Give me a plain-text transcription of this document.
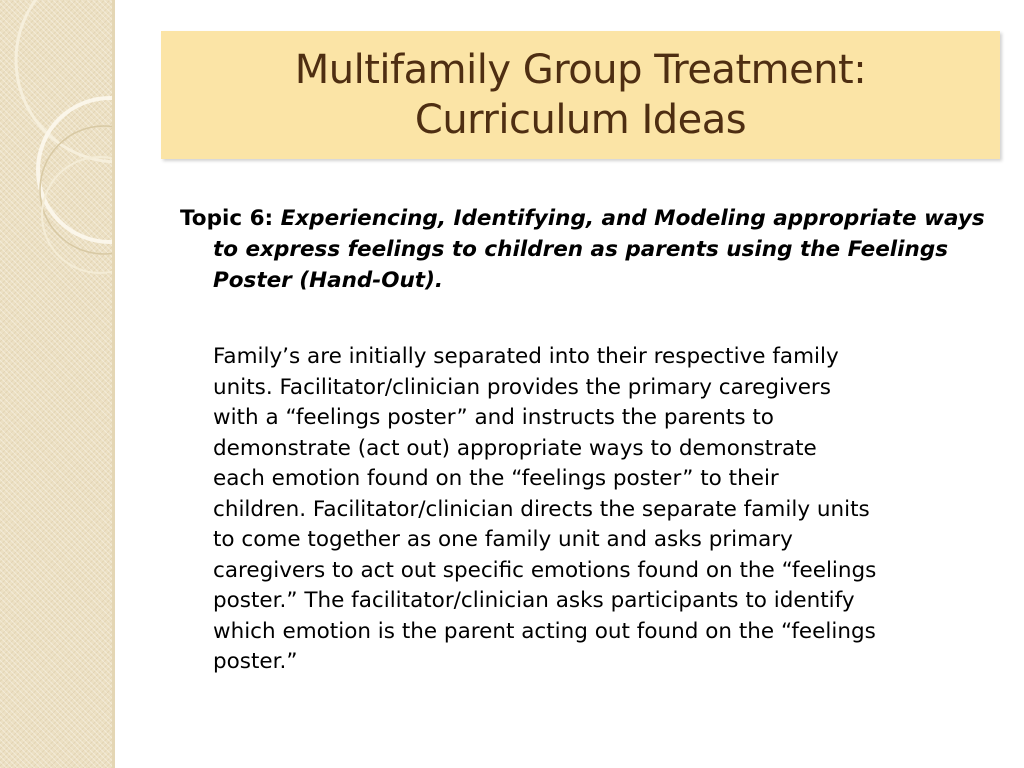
Multifamily Group Treatment:
Curriculum Ideas

Topic 6: Experiencing, Identifying, and Modeling appropriate ways to express feelings to children as parents using the Feelings Poster (Hand-Out).

Family’s are initially separated into their respective family
units. Facilitator/clinician provides the primary caregivers
with a “feelings poster” and instructs the parents to
demonstrate (act out) appropriate ways to demonstrate
each emotion found on the “feelings poster” to their
children. Facilitator/clinician directs the separate family units
to come together as one family unit and asks primary
caregivers to act out specific emotions found on the “feelings
poster.” The facilitator/clinician asks participants to identify
which emotion is the parent acting out found on the “feelings
poster.”
